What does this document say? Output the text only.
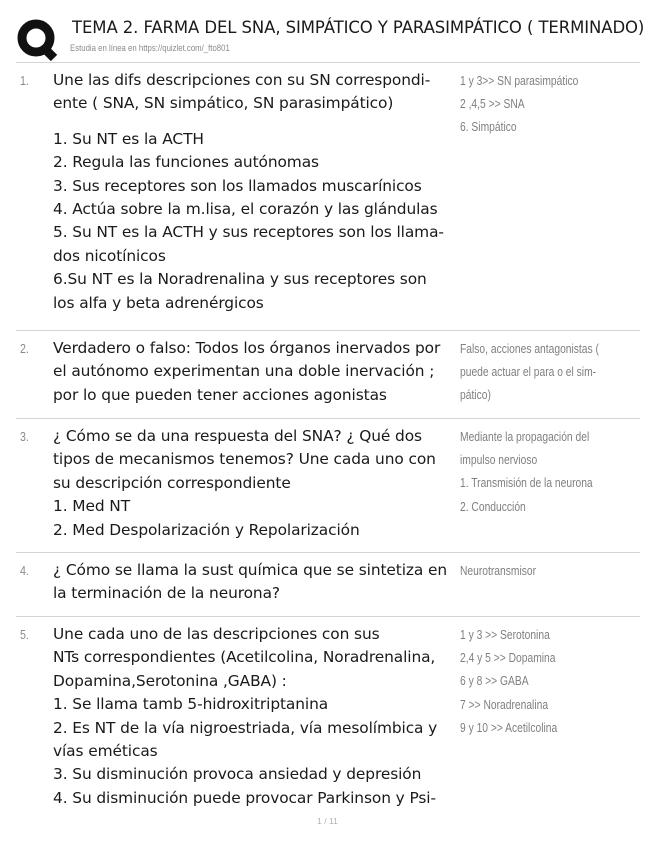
TEMA 2. FARMA DEL SNA, SIMPÁTICO Y PARASIMPÁTICO ( TERMINADO)
Estudia en línea en https://quizlet.com/_fto801
1. Une las difs descripciones con su SN correspondi-

ente ( SNA, SN simpático, SN parasimpático)

1. Su NT es la ACTH

2. Regula las funciones autónomas

3. Sus receptores son los llamados muscarínicos

4. Actúa sobre la m.lisa, el corazón y las glándulas

5. Su NT es la ACTH y sus receptores son los llama-

dos nicotínicos

6.Su NT es la Noradrenalina y sus receptores son

los alfa y beta adrenérgicos

1 y 3>> SN parasimpático

2 ,4,5 >> SNA

6. Simpático

2. Verdadero o falso: Todos los órganos inervados por

el autónomo experimentan una doble inervación ;

por lo que pueden tener acciones agonistas

Falso, acciones antagonistas (

puede actuar el para o el sim-

pático)

3. ¿ Cómo se da una respuesta del SNA? ¿ Qué dos

tipos de mecanismos tenemos? Une cada uno con

su descripción correspondiente

1. Med NT

2. Med Despolarización y Repolarización

Mediante la propagación del

impulso nervioso

1. Transmisión de la neurona

2. Conducción

4. ¿ Cómo se llama la sust química que se sintetiza en

la terminación de la neurona?

Neurotransmisor

5. Une cada uno de las descripciones con sus

NTs correspondientes (Acetilcolina, Noradrenalina,

Dopamina,Serotonina ,GABA) :

1. Se llama tamb 5-hidroxitriptanina

2. Es NT de la vía nigroestriada, vía mesolímbica y

vías eméticas

3. Su disminución provoca ansiedad y depresión

4. Su disminución puede provocar Parkinson y Psi-

1 y 3 >> Serotonina

2,4 y 5 >> Dopamina

6 y 8 >> GABA

7 >> Noradrenalina

9 y 10 >> Acetilcolina

1 / 11
